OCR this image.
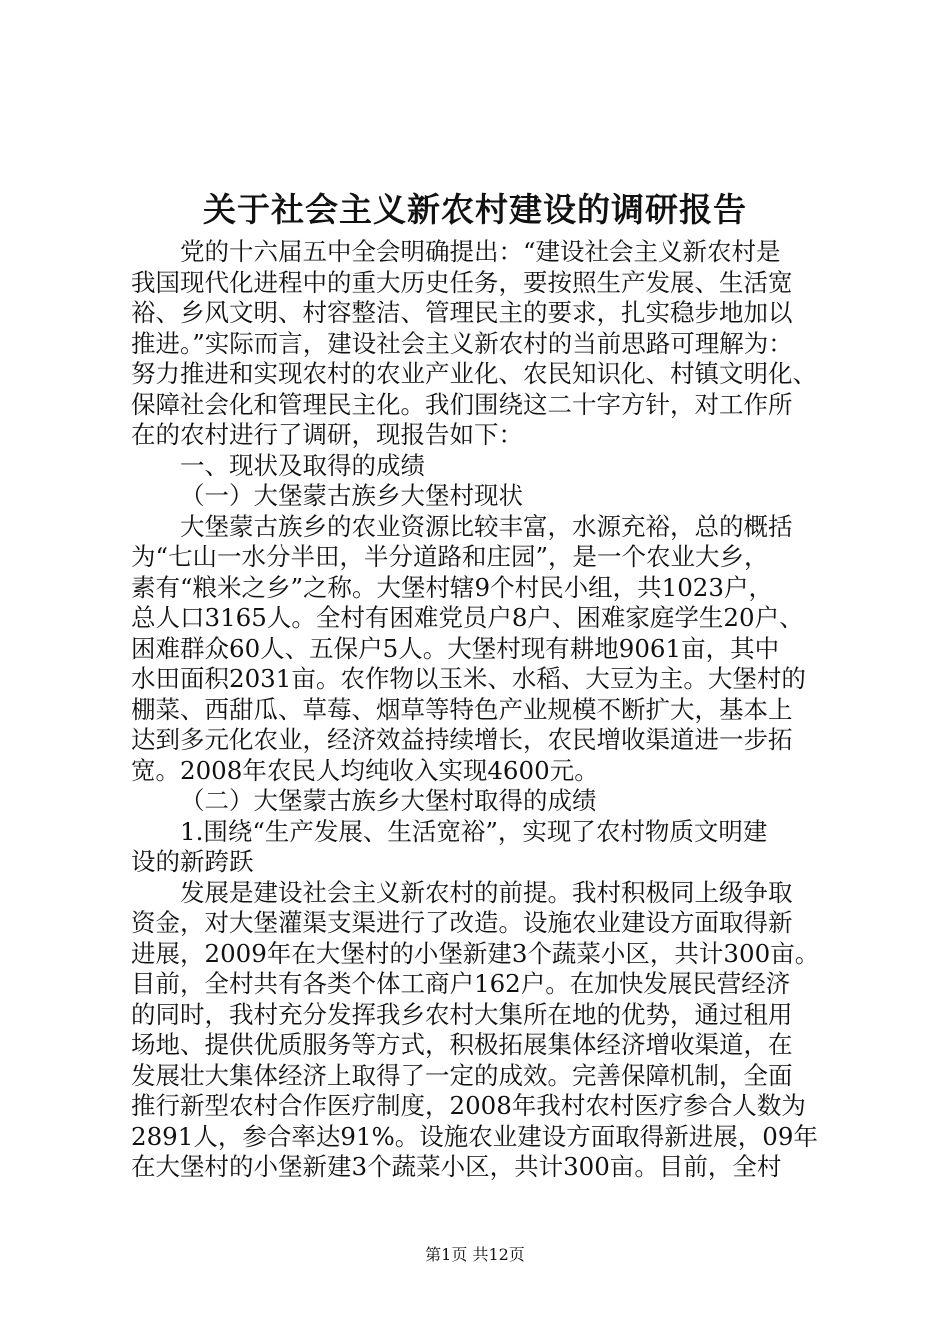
关于社会主义新农村建设的调研报告
党的十六届五中全会明确提出：“建设社会主义新农村是
我国现代化进程中的重大历史任务，要按照生产发展、生活宽
裕、乡风文明、村容整洁、管理民主的要求，扎实稳步地加以
推进。”实际而言，建设社会主义新农村的当前思路可理解为：
努力推进和实现农村的农业产业化、农民知识化、村镇文明化、
保障社会化和管理民主化。我们围绕这二十字方针，对工作所
在的农村进行了调研，现报告如下：
一、现状及取得的成绩
（一）大堡蒙古族乡大堡村现状
大堡蒙古族乡的农业资源比较丰富，水源充裕，总的概括
为“七山一水分半田，半分道路和庄园”，是一个农业大乡，
素有“粮米之乡”之称。大堡村辖9个村民小组，共1023户，
总人口3165人。全村有困难党员户8户、困难家庭学生20户、
困难群众60人、五保户5人。大堡村现有耕地9061亩，其中
水田面积2031亩。农作物以玉米、水稻、大豆为主。大堡村的
棚菜、西甜瓜、草莓、烟草等特色产业规模不断扩大，基本上
达到多元化农业，经济效益持续增长，农民增收渠道进一步拓
宽。2008年农民人均纯收入实现4600元。
（二）大堡蒙古族乡大堡村取得的成绩
1.围绕“生产发展、生活宽裕”，实现了农村物质文明建
设的新跨跃
发展是建设社会主义新农村的前提。我村积极同上级争取
资金，对大堡灌渠支渠进行了改造。设施农业建设方面取得新
进展，2009年在大堡村的小堡新建3个蔬菜小区，共计300亩。
目前，全村共有各类个体工商户162户。在加快发展民营经济
的同时，我村充分发挥我乡农村大集所在地的优势，通过租用
场地、提供优质服务等方式，积极拓展集体经济增收渠道，在
发展壮大集体经济上取得了一定的成效。完善保障机制，全面
推行新型农村合作医疗制度，2008年我村农村医疗参合人数为
2891人，参合率达91%。设施农业建设方面取得新进展，09年
在大堡村的小堡新建3个蔬菜小区，共计300亩。目前，全村
第1页 共12页
